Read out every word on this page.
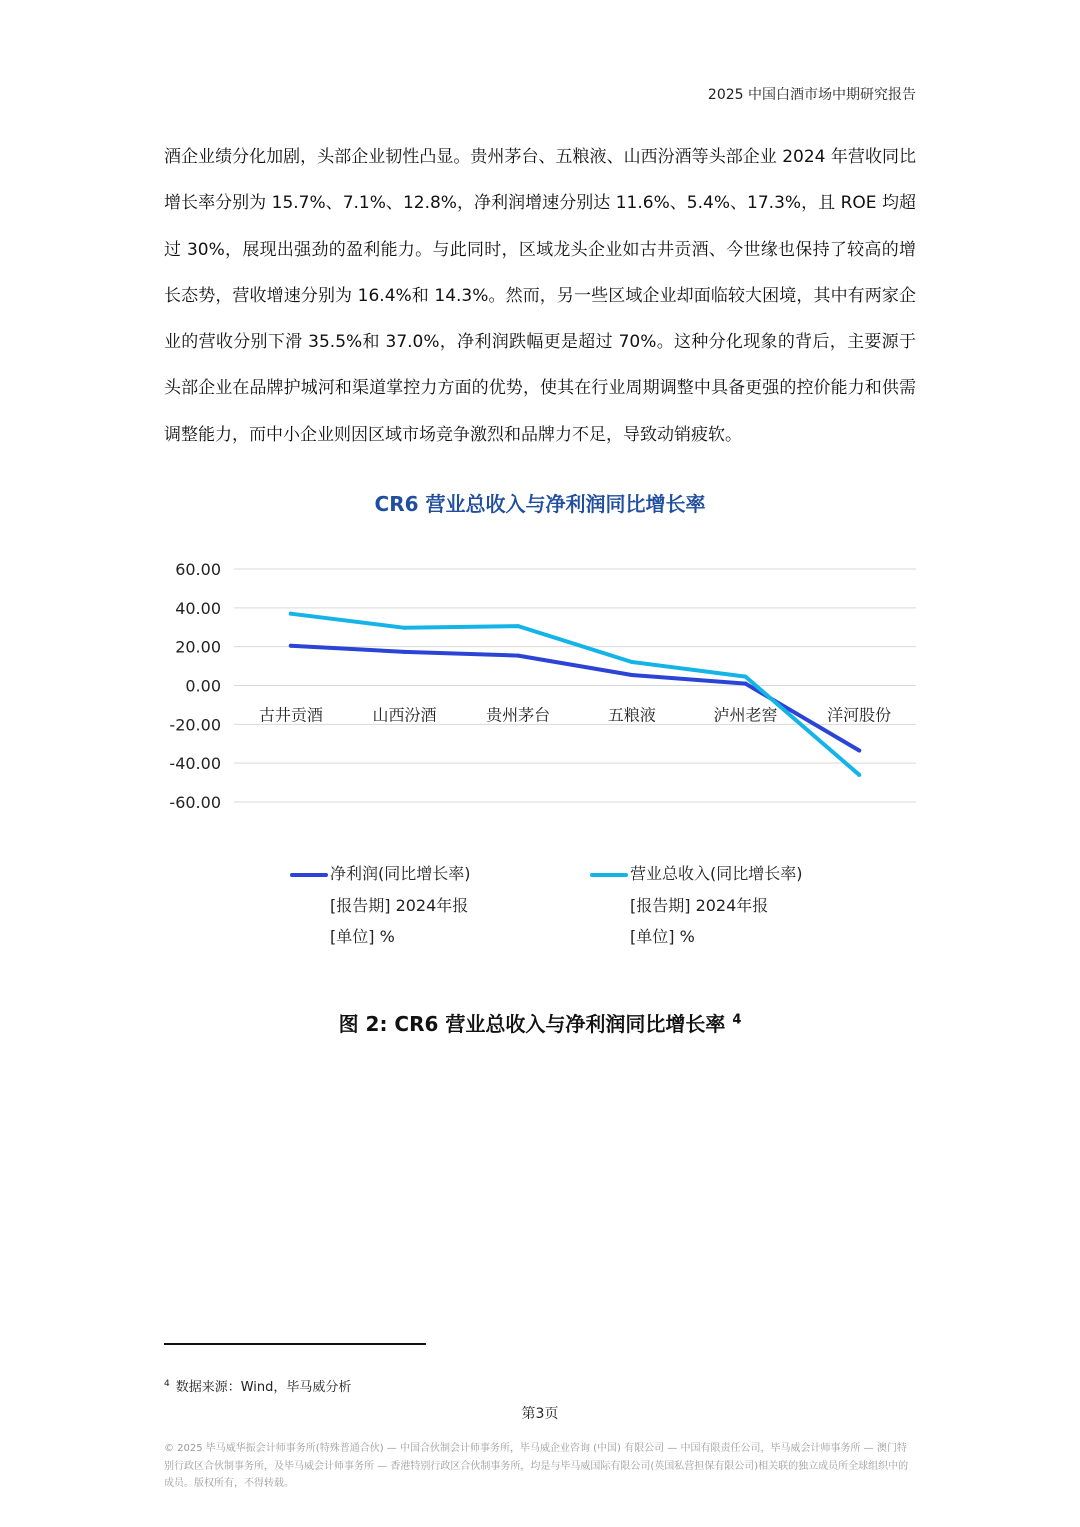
2025 中国白酒市场中期研究报告

酒企业绩分化加剧，头部企业韧性凸显。贵州茅台、五粮液、山西汾酒等头部企业 2024 年营收同比增长率分别为 15.7%、7.1%、12.8%，净利润增速分别达 11.6%、5.4%、17.3%，且 ROE 均超过 30%，展现出强劲的盈利能力。与此同时，区域龙头企业如古井贡酒、今世缘也保持了较高的增长态势，营收增速分别为 16.4%和 14.3%。然而，另一些区域企业却面临较大困境，其中有两家企业的营收分别下滑 35.5%和 37.0%，净利润跌幅更是超过 70%。这种分化现象的背后，主要源于头部企业在品牌护城河和渠道掌控力方面的优势，使其在行业周期调整中具备更强的控价能力和供需调整能力，而中小企业则因区域市场竞争激烈和品牌力不足，导致动销疲软。

CR6 营业总收入与净利润同比增长率
60.00
40.00
20.00
0.00
-20.00
-40.00
-60.00
古井贡酒	山西汾酒	贵州茅台	五粮液	泸州老窖	洋河股份
净利润(同比增长率)
[报告期] 2024年报
[单位] %
营业总收入(同比增长率)
[报告期] 2024年报
[单位] %
图 2: CR6 营业总收入与净利润同比增长率 $^4$
$^4$ 数据来源：Wind，毕马威分析
第3页
© 2025 毕马威华振会计师事务所(特殊普通合伙) — 中国合伙制会计师事务所，毕马威企业咨询 (中国) 有限公司 — 中国有限责任公司，毕马威会计师事务所 — 澳门特别行政区合伙制事务所，及毕马威会计师事务所 — 香港特别行政区合伙制事务所，均是与毕马威国际有限公司(英国私营担保有限公司)相关联的独立成员所全球组织中的成员。版权所有，不得转载。
